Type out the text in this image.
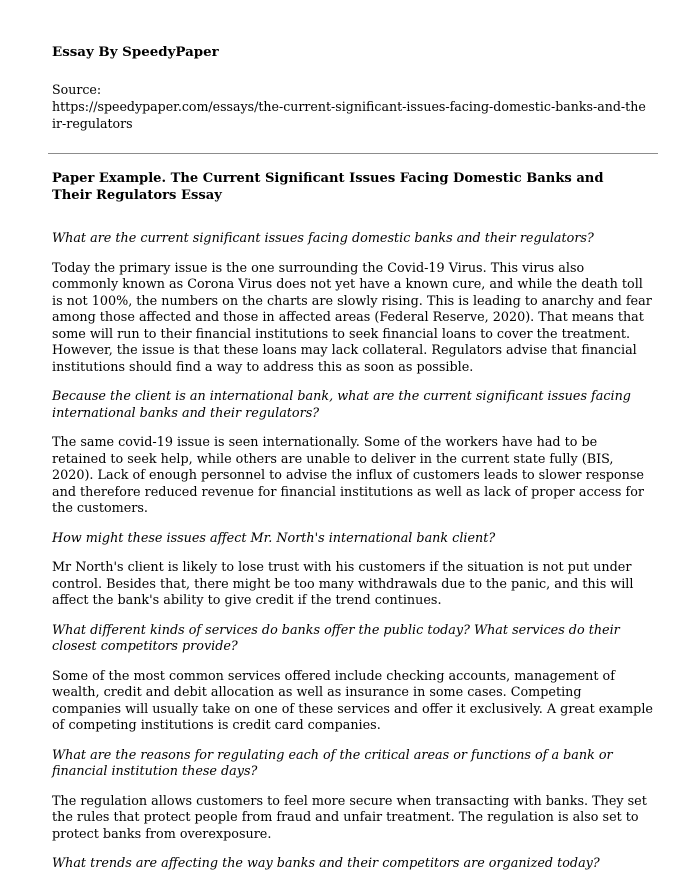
Essay By SpeedyPaper

Source:

https://speedypaper.com/essays/the-current-significant-issues-facing-domestic-banks-and-their-regulators

Paper Example. The Current Significant Issues Facing Domestic Banks and Their Regulators Essay

What are the current significant issues facing domestic banks and their regulators?

Today the primary issue is the one surrounding the Covid-19 Virus. This virus also commonly known as Corona Virus does not yet have a known cure, and while the death toll is not 100%, the numbers on the charts are slowly rising. This is leading to anarchy and fear among those affected and those in affected areas (Federal Reserve, 2020). That means that some will run to their financial institutions to seek financial loans to cover the treatment. However, the issue is that these loans may lack collateral. Regulators advise that financial institutions should find a way to address this as soon as possible.

Because the client is an international bank, what are the current significant issues facing international banks and their regulators?

The same covid-19 issue is seen internationally. Some of the workers have had to be retained to seek help, while others are unable to deliver in the current state fully (BIS, 2020). Lack of enough personnel to advise the influx of customers leads to slower response and therefore reduced revenue for financial institutions as well as lack of proper access for the customers.

How might these issues affect Mr. North's international bank client?

Mr North's client is likely to lose trust with his customers if the situation is not put under control. Besides that, there might be too many withdrawals due to the panic, and this will affect the bank's ability to give credit if the trend continues.

What different kinds of services do banks offer the public today? What services do their closest competitors provide?

Some of the most common services offered include checking accounts, management of wealth, credit and debit allocation as well as insurance in some cases. Competing companies will usually take on one of these services and offer it exclusively. A great example of competing institutions is credit card companies.

What are the reasons for regulating each of the critical areas or functions of a bank or financial institution these days?

The regulation allows customers to feel more secure when transacting with banks. They set the rules that protect people from fraud and unfair treatment. The regulation is also set to protect banks from overexposure.

What trends are affecting the way banks and their competitors are organized today?
